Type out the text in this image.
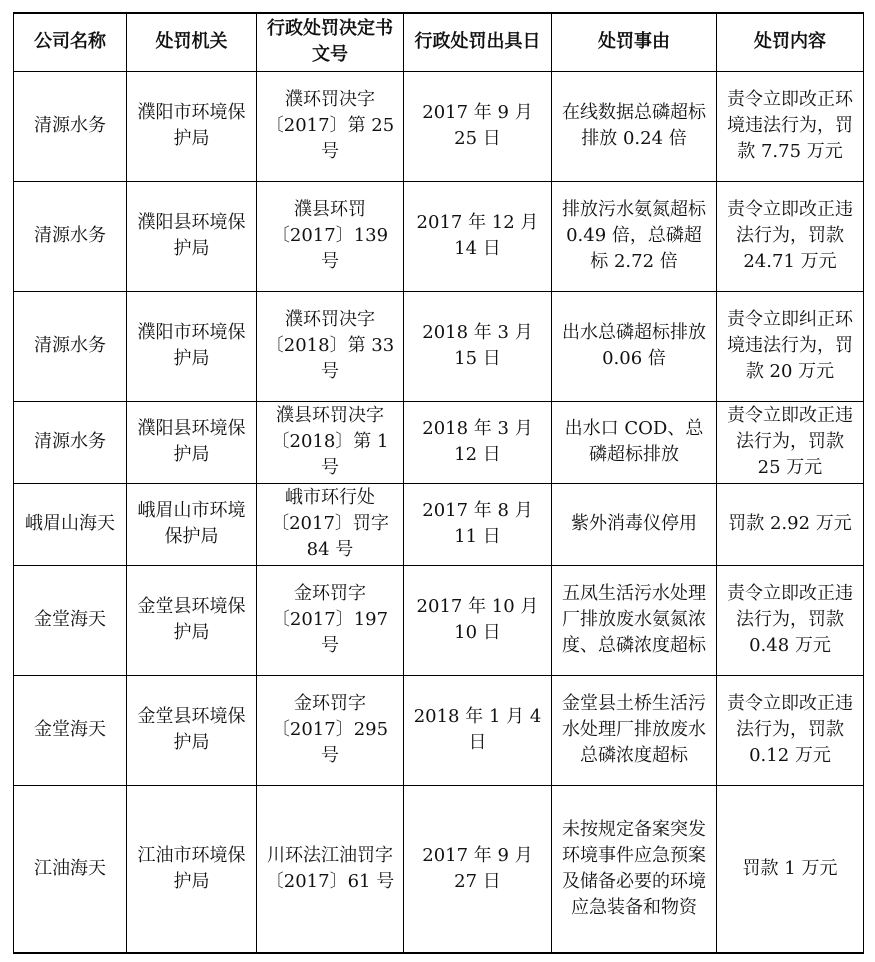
公司名称	处罚机关	行政处罚决定书文号	行政处罚出具日	处罚事由	处罚内容
清源水务	濮阳市环境保护局	濮环罚决字〔2017〕第 25 号	2017 年 9 月 25 日	在线数据总磷超标排放 0.24 倍	责令立即改正环境违法行为，罚款 7.75 万元
清源水务	濮阳县环境保护局	濮县环罚〔2017〕139 号	2017 年 12 月 14 日	排放污水氨氮超标 0.49 倍，总磷超标 2.72 倍	责令立即改正违法行为，罚款 24.71 万元
清源水务	濮阳市环境保护局	濮环罚决字〔2018〕第 33 号	2018 年 3 月 15 日	出水总磷超标排放 0.06 倍	责令立即纠正环境违法行为，罚款 20 万元
清源水务	濮阳县环境保护局	濮县环罚决字〔2018〕第 1 号	2018 年 3 月 12 日	出水口 COD、总磷超标排放	责令立即改正违法行为，罚款 25 万元
峨眉山海天	峨眉山市环境保护局	峨市环行处〔2017〕罚字 84 号	2017 年 8 月 11 日	紫外消毒仪停用	罚款 2.92 万元
金堂海天	金堂县环境保护局	金环罚字〔2017〕197 号	2017 年 10 月 10 日	五凤生活污水处理厂排放废水氨氮浓度、总磷浓度超标	责令立即改正违法行为，罚款 0.48 万元
金堂海天	金堂县环境保护局	金环罚字〔2017〕295 号	2018 年 1 月 4 日	金堂县土桥生活污水处理厂排放废水总磷浓度超标	责令立即改正违法行为，罚款 0.12 万元
江油海天	江油市环境保护局	川环法江油罚字〔2017〕61 号	2017 年 9 月 27 日	未按规定备案突发环境事件应急预案及储备必要的环境应急装备和物资	罚款 1 万元
